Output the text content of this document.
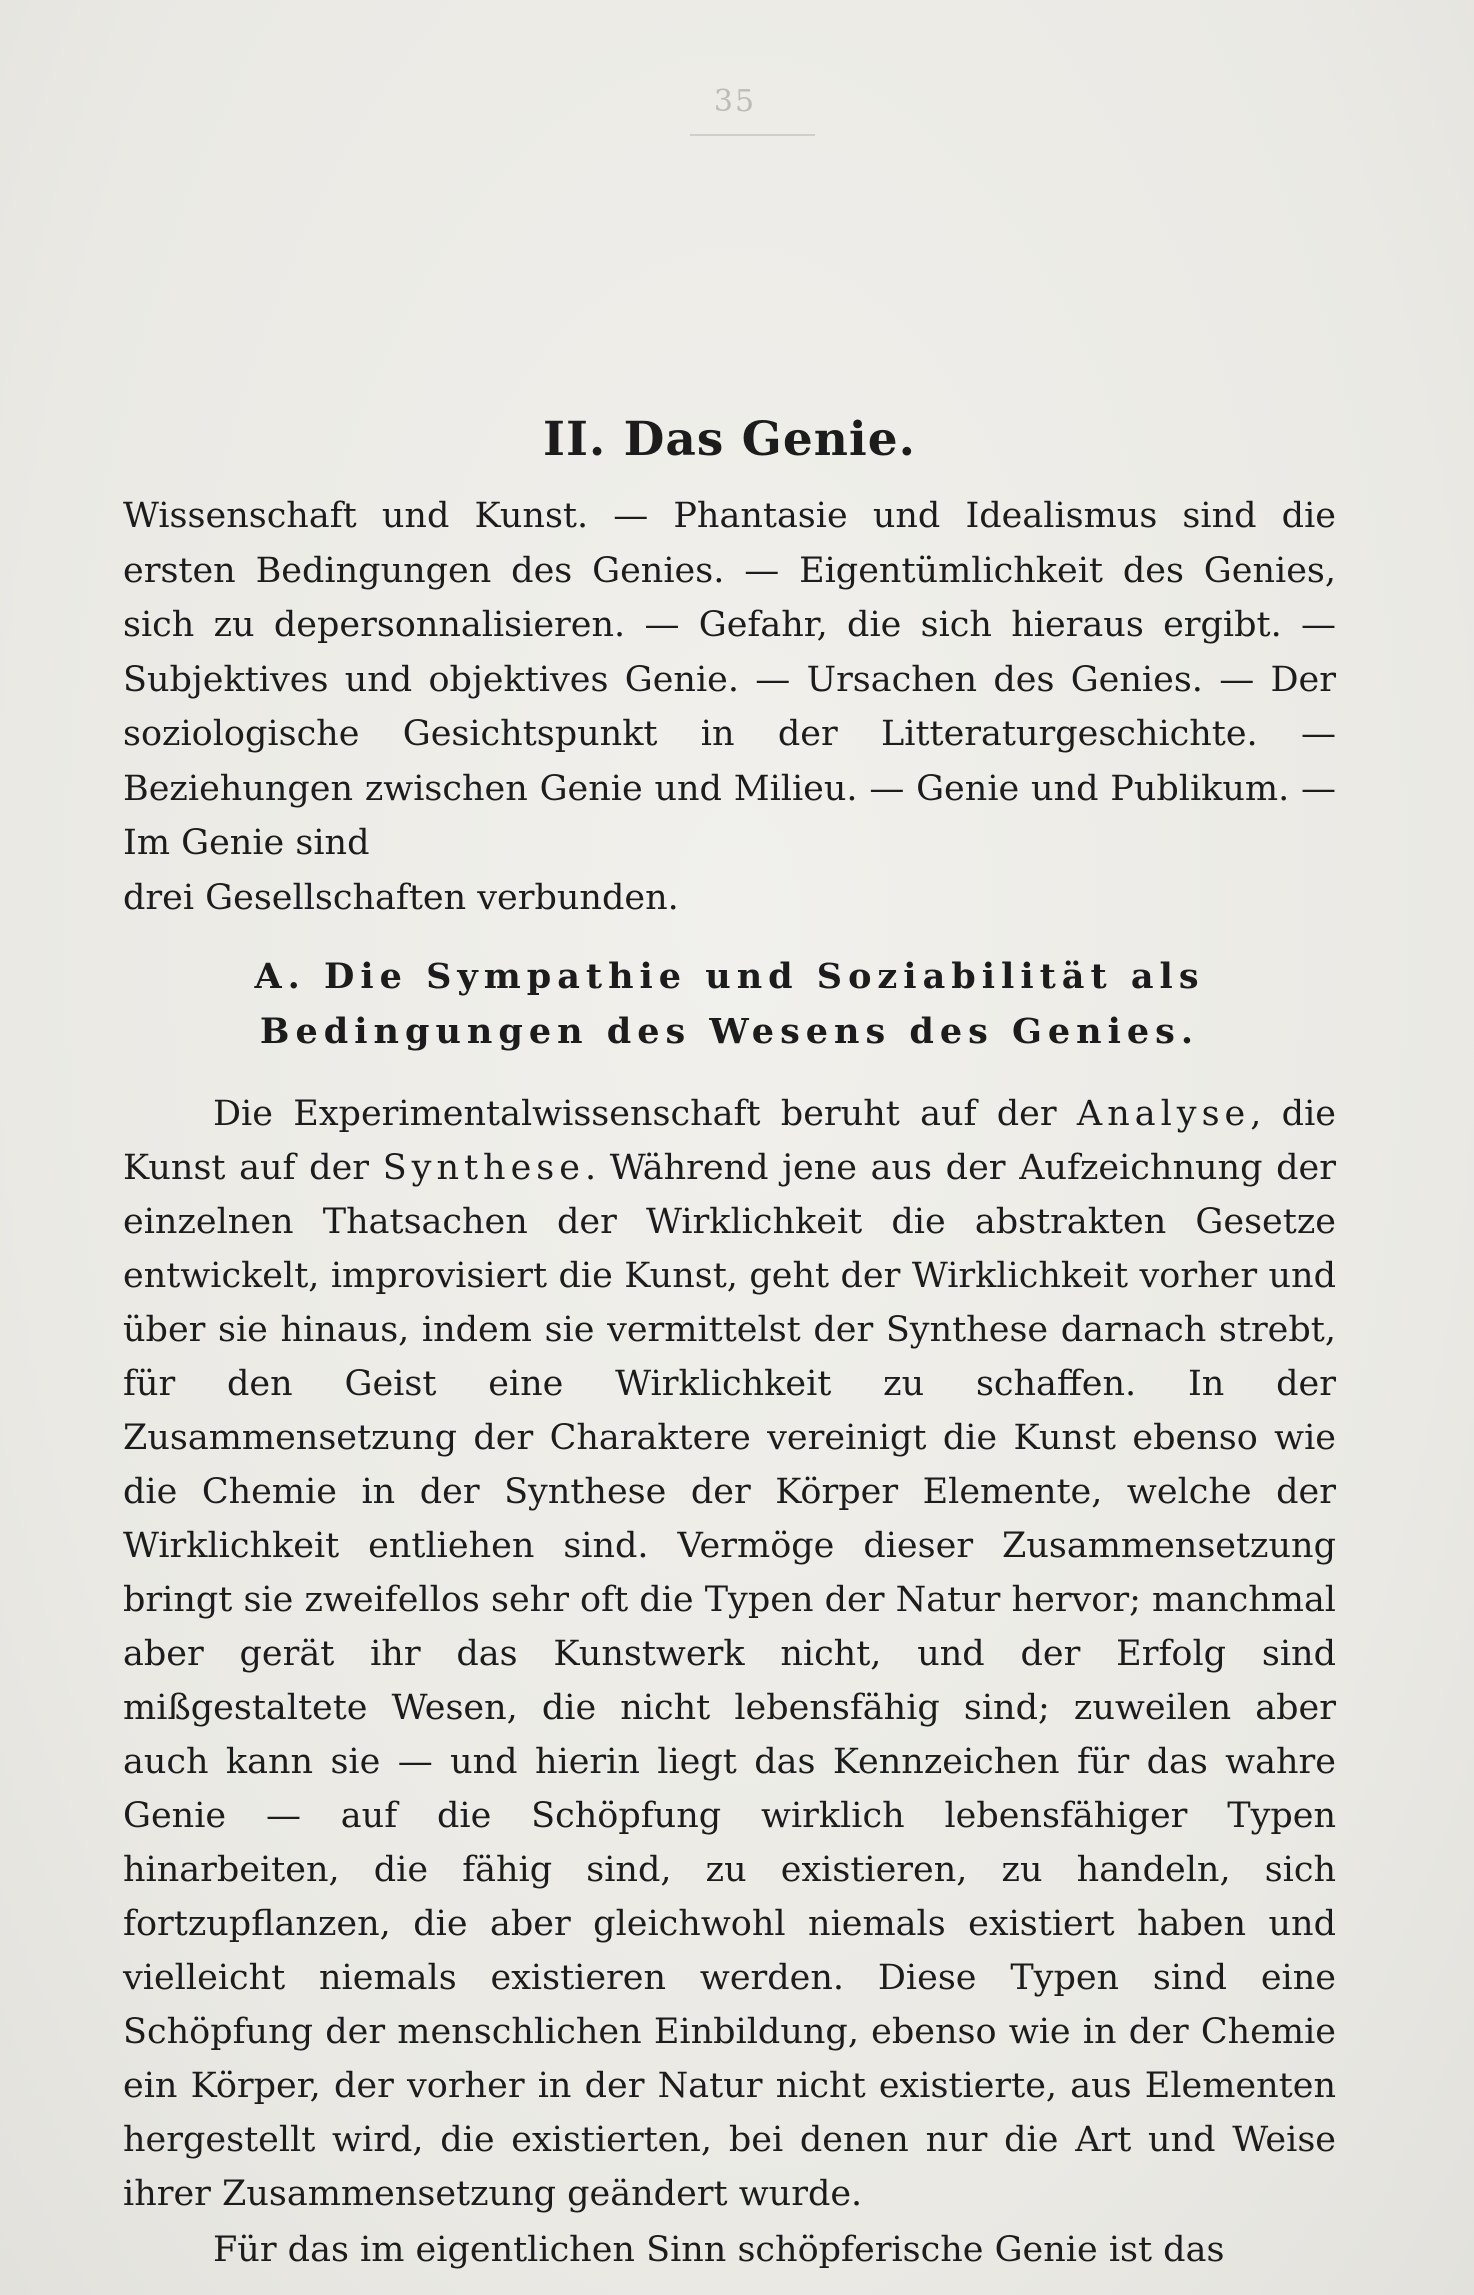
35
II. Das Genie.

Wissenschaft und Kunst. — Phantasie und Idealismus sind die ersten Bedingungen des Genies. — Eigentümlichkeit des Genies, sich zu depersonnalisieren. — Gefahr, die sich hieraus ergibt. — Subjektives und objektives Genie. — Ursachen des Genies. — Der soziologische Gesichtspunkt in der Litteraturgeschichte. — Beziehungen zwischen Genie und Milieu. — Genie und Publikum. — Im Genie sind

drei Gesellschaften verbunden.

A. Die Sympathie und Soziabilität als Bedingungen des Wesens des Genies.

Die Experimentalwissenschaft beruht auf der Analyse, die Kunst auf der Synthese. Während jene aus der Aufzeichnung der einzelnen Thatsachen der Wirklichkeit die abstrakten Gesetze entwickelt, improvisiert die Kunst, geht der Wirklichkeit vorher und über sie hinaus, indem sie vermittelst der Synthese darnach strebt, für den Geist eine Wirklichkeit zu schaffen. In der Zusammensetzung der Charaktere vereinigt die Kunst ebenso wie die Chemie in der Synthese der Körper Elemente, welche der Wirklichkeit entliehen sind. Vermöge dieser Zusammensetzung bringt sie zweifellos sehr oft die Typen der Natur hervor; manchmal aber gerät ihr das Kunstwerk nicht, und der Erfolg sind mißgestaltete Wesen, die nicht lebensfähig sind; zuweilen aber auch kann sie — und hierin liegt das Kennzeichen für das wahre Genie — auf die Schöpfung wirklich lebensfähiger Typen hinarbeiten, die fähig sind, zu existieren, zu handeln, sich fortzupflanzen, die aber gleichwohl niemals existiert haben und vielleicht niemals existieren werden. Diese Typen sind eine Schöpfung der menschlichen Einbildung, ebenso wie in der Chemie ein Körper, der vorher in der Natur nicht existierte, aus Elementen hergestellt wird, die existierten, bei denen nur die Art und Weise ihrer Zusammensetzung geändert wurde.

Für das im eigentlichen Sinn schöpferische Genie ist das
